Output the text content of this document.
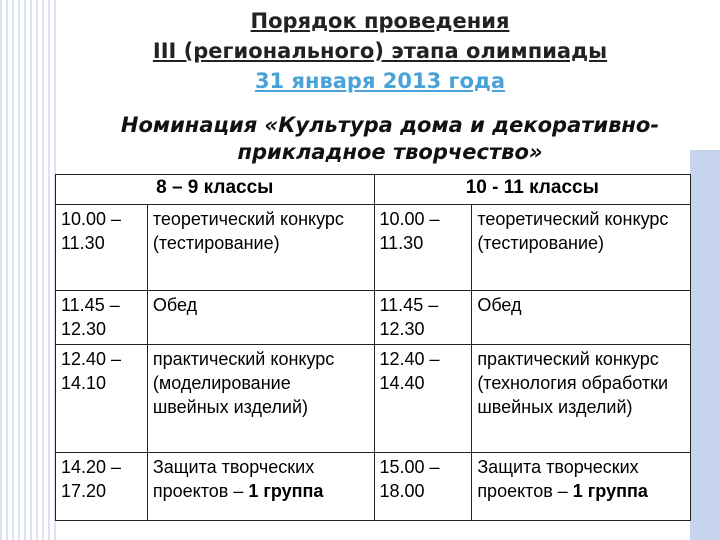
Порядок проведения
III (регионального) этапа олимпиады
31 января 2013 года
Номинация «Культура дома и декоративно-
прикладное творчество»
8 – 9 классы		10 - 11 классы	
10.00 – 11.30	теоретический конкурс (тестирование)	10.00 – 11.30	теоретический конкурс (тестирование)
11.45 – 12.30	Обед	11.45 – 12.30	Обед
12.40 – 14.10	практический конкурс (моделирование швейных изделий)	12.40 – 14.40	практический конкурс (технология обработки швейных изделий)
14.20 – 17.20	Защита творческих проектов – 1 группа	15.00 – 18.00	Защита творческих проектов – 1 группа
